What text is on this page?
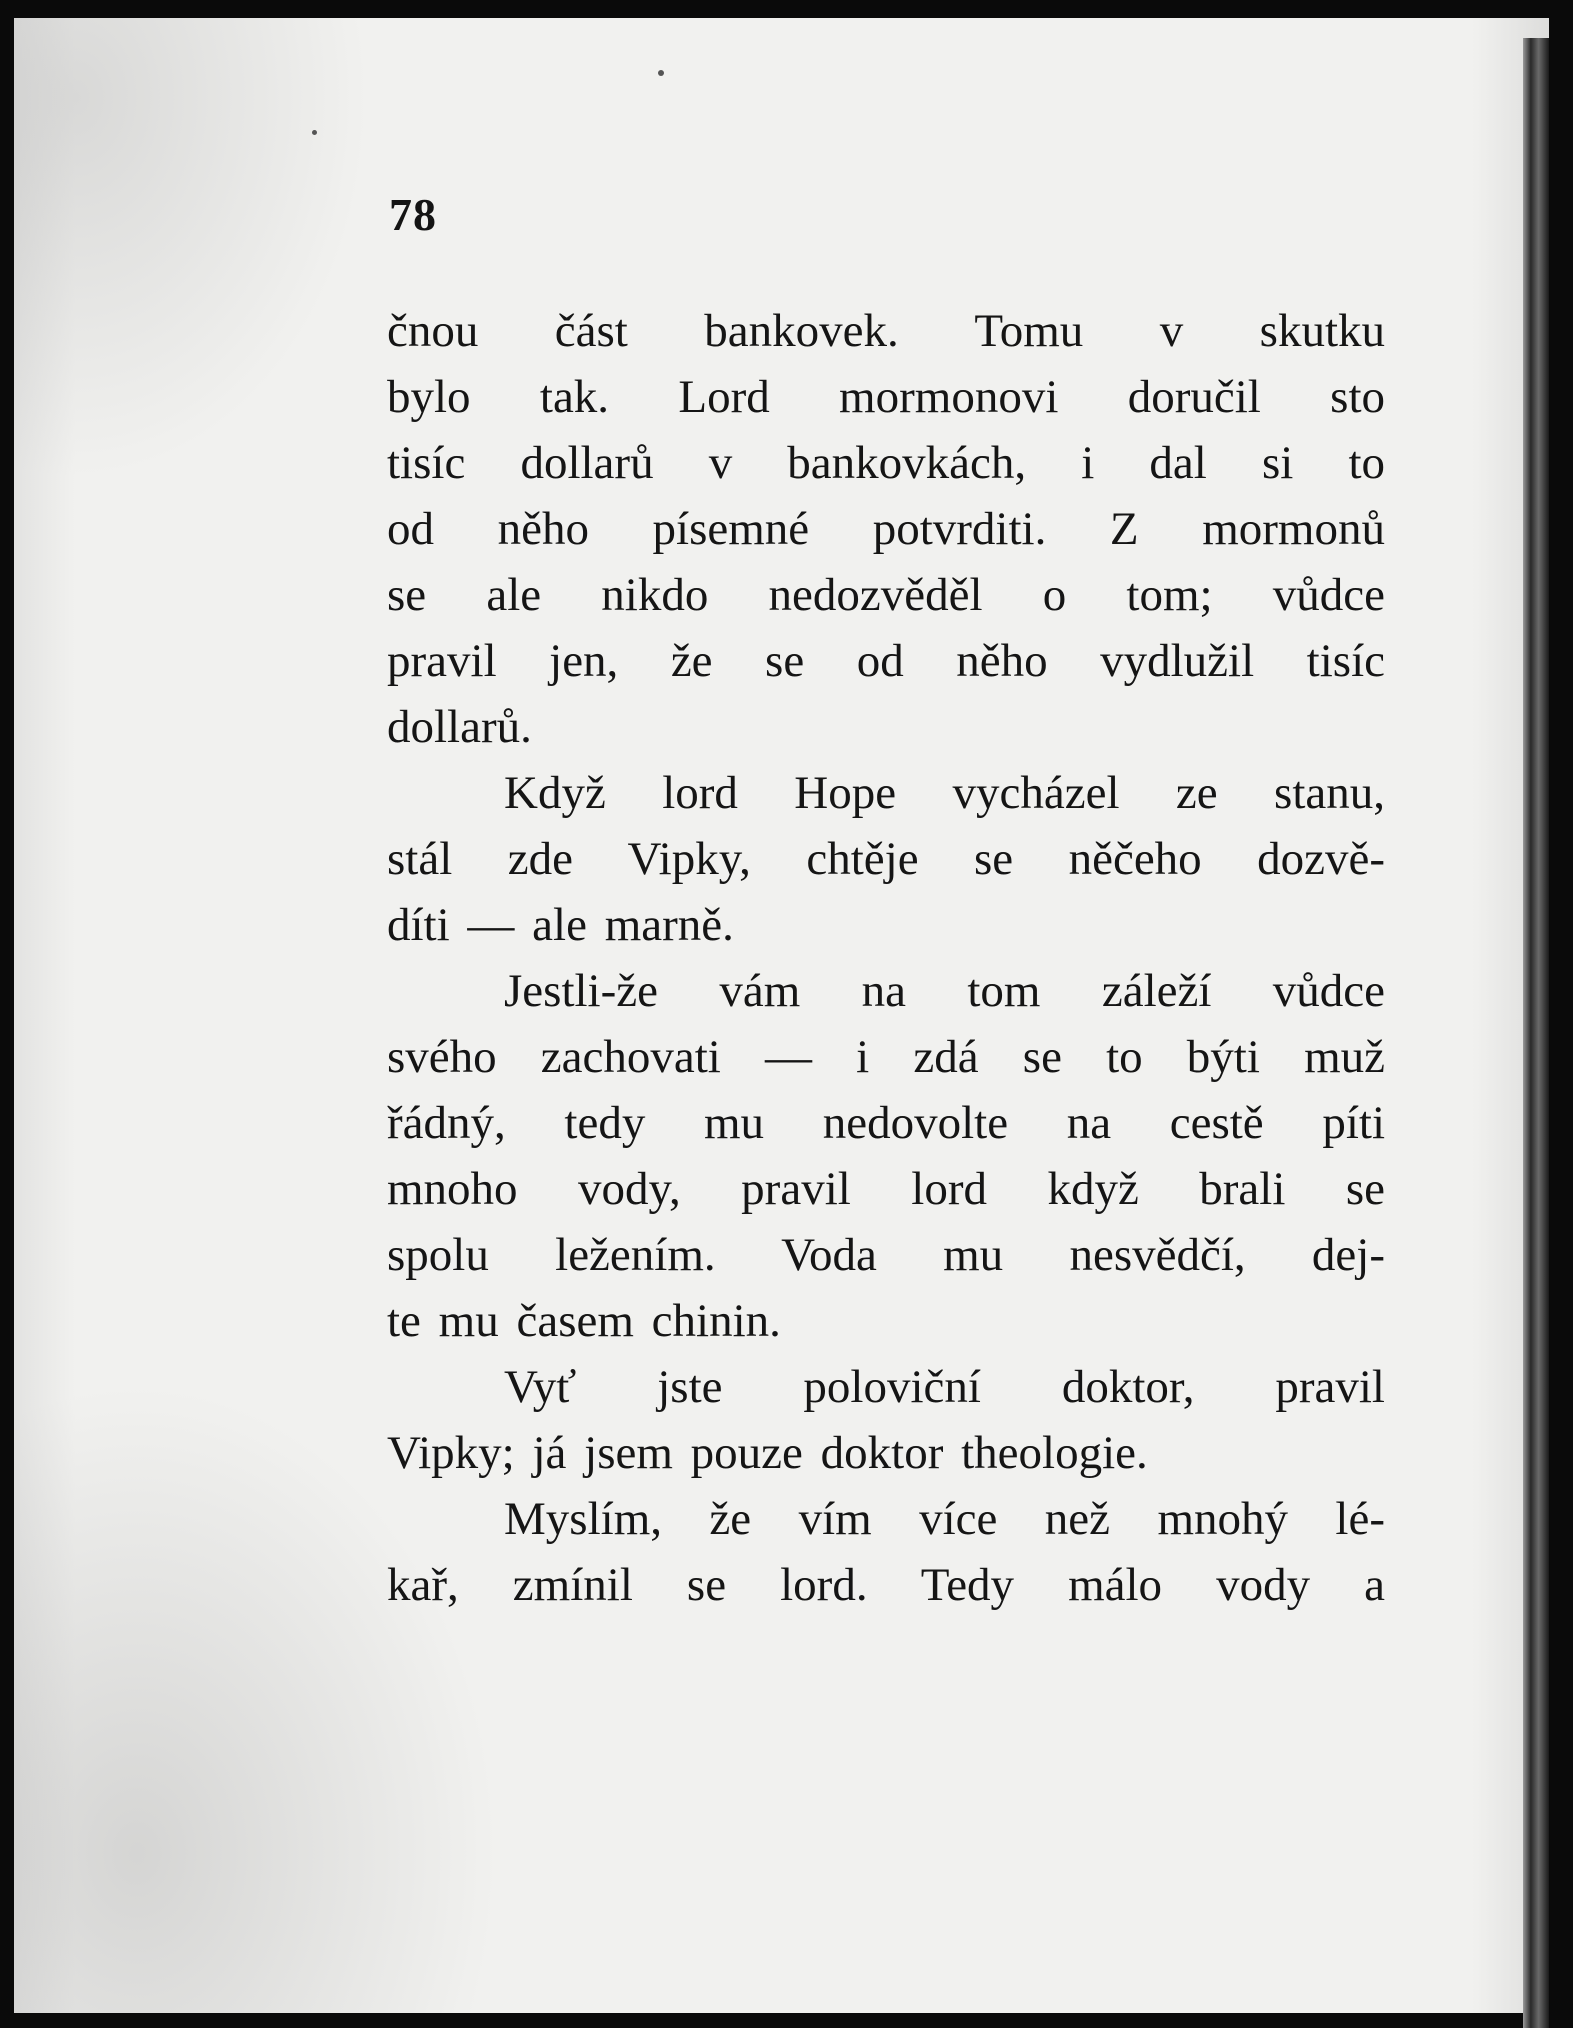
78
čnou část bankovek. Tomu v skutku
bylo tak. Lord mormonovi doručil sto
tisíc dollarů v bankovkách, i dal si to
od něho písemné potvrditi. Z mormonů
se ale nikdo nedozvěděl o tom; vůdce
pravil jen, že se od něho vydlužil tisíc
dollarů.
Když lord Hope vycházel ze stanu,
stál zde Vipky, chtěje se něčeho dozvě-
díti — ale marně.
Jestli-že vám na tom záleží vůdce
svého zachovati — i zdá se to býti muž
řádný, tedy mu nedovolte na cestě píti
mnoho vody, pravil lord když brali se
spolu ležením. Voda mu nesvědčí, dej-
te mu časem chinin.
Vyť jste poloviční doktor, pravil
Vipky; já jsem pouze doktor theologie.
Myslím, že vím více než mnohý lé-
kař, zmínil se lord. Tedy málo vody a
